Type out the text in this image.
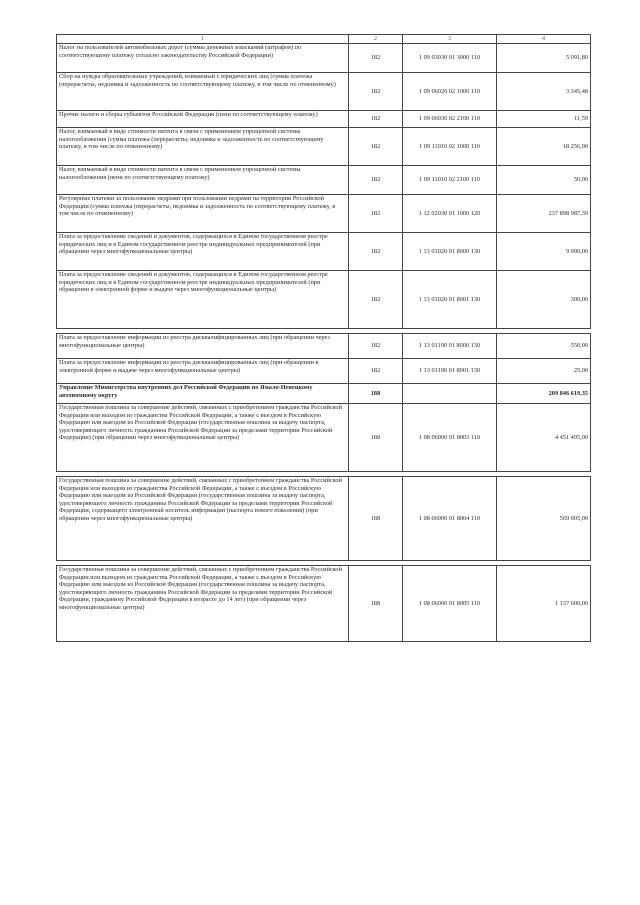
1	2	3	4
Налог на пользователей автомобильных дорог (суммы денежных взысканий (штрафов) по соответствующему платежу согласно законодательству Российской Федерации)	182	1 09 03030 01 3000 110	5 091,80
Сбор на нужды образовательных учреждений, взимаемый с юридических лиц (сумма платежа (перерасчеты, недоимка и задолженность по соответствующему платежу, в том числе по отмененному)	182	1 09 06020 02 1000 110	3 345,48
Прочие налоги и сборы субъектов Российской Федерации (пени по соответствующему платежу)	182	1 09 06030 02 2100 110	11,59
Налог, взимаемый в виде стоимости патента в связи с применением упрощенной системы налогообложения (сумма платежа (перерасчеты, недоимка и задолженность по соответствующему платежу, в том числе по отмененному)	182	1 09 11010 02 1000 110	18 256,00
Налог, взимаемый в виде стоимости патента в связи с применением упрощенной системы налогообложения (пени по соответствующему платежу)	182	1 09 11010 02 2100 110	50,00
Регулярные платежи за пользование недрами при пользовании недрами на территории Российской Федерации (сумма платежа (перерасчеты, недоимка и задолженность по соответствующему платежу, в том числе по отмененному)	182	1 12 02030 01 1000 120	237 898 987,39
Плата за предоставление сведений и документов, содержащихся в Едином государственном реестре юридических лиц и в Едином государственном реестре индивидуальных предпринимателей (при обращении через многофункциональные центры)	182	1 13 01020 01 8000 130	9 000,00
Плата за предоставление сведений и документов, содержащихся в Едином государственном реестре юридических лиц и в Едином государственном реестре индивидуальных предпринимателей (при обращении в электронной форме и выдаче через многофункциональные центры)	182	1 13 01020 01 8001 130	300,00

Плата за предоставление информации из реестра дисквалифицированных лиц (при обращении через многофункциональные центры)	182	1 13 01190 01 8000 130	550,00
Плата за предоставление информации из реестра дисквалифицированных лиц (при обращении в электронной форме и выдаче через многофункциональные центры)	182	1 13 01190 01 8001 130	25,00
Управление Министерства внутренних дел Российской Федерации по Ямало-Ненецкому автономному округу	188		209 846 619,35
Государственная пошлина за совершение действий, связанных с приобретением гражданства Российской Федерации или выходом из гражданства Российской Федерации, а также с въездом в Российскую Федерацию или выездом из Российской Федерации (государственная пошлина за выдачу паспорта, удостоверяющего личность гражданина Российской Федерации за пределами территории Российской Федерации) (при обращении через многофункциональные центры)	188	1 08 06000 01 8003 110	4 451 495,00

Государственная пошлина за совершение действий, связанных с приобретением гражданства Российской Федерации или выходом из гражданства Российской Федерации, а также с въездом в Российскую Федерацию или выездом из Российской Федерации (государственная пошлина за выдачу паспорта, удостоверяющего личность гражданина Российской Федерации за пределами территории Российской Федерации, содержащего электронный носитель информации (паспорта нового поколения) (при обращении через многофункциональные центры)	188	1 08 06000 01 8004 110	569 005,00

Государственная пошлина за совершение действий, связанных с приобретением гражданства Российской Федерации или выходом из гражданства Российской Федерации, а также с въездом в Российскую Федерацию или выездом из Российской Федерации (государственная пошлина за выдачу паспорта, удостоверяющего личность гражданина Российской Федерации за пределами территории Российской Федерации, гражданину Российской Федерации в возрасте до 14 лет) (при обращении через многофункциональные центры)	188	1 08 06000 01 8005 110	1 137 600,00
